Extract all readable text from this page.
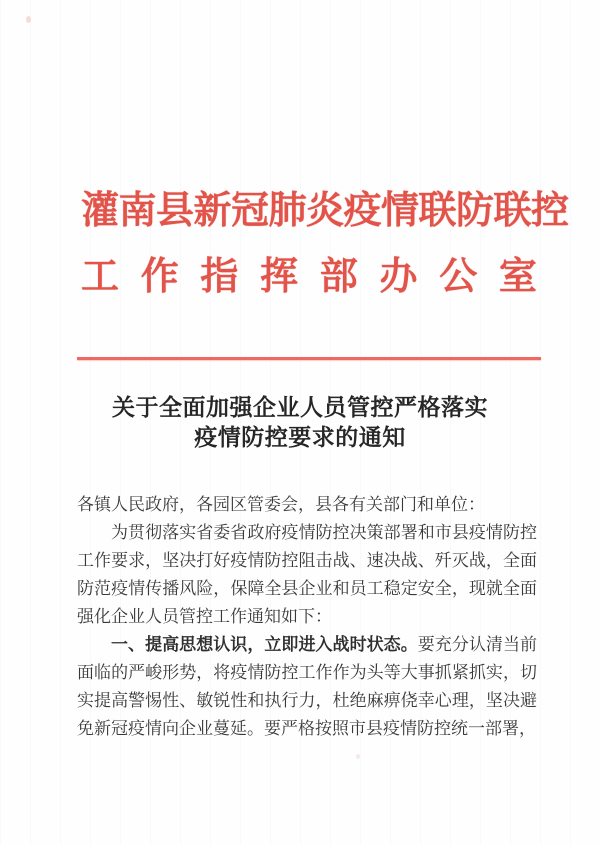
灌南县新冠肺炎疫情联防联控
工作指挥部办公室
关于全面加强企业人员管控严格落实
疫情防控要求的通知

各镇人民政府，各园区管委会，县各有关部门和单位：

为贯彻落实省委省政府疫情防控决策部署和市县疫情防控工作要求，坚决打好疫情防控阻击战、速决战、歼灭战，全面防范疫情传播风险，保障全县企业和员工稳定安全，现就全面强化企业人员管控工作通知如下：

一、提高思想认识，立即进入战时状态。要充分认清当前面临的严峻形势，将疫情防控工作作为头等大事抓紧抓实，切实提高警惕性、敏锐性和执行力，杜绝麻痹侥幸心理，坚决避免新冠疫情向企业蔓延。要严格按照市县疫情防控统一部署，
